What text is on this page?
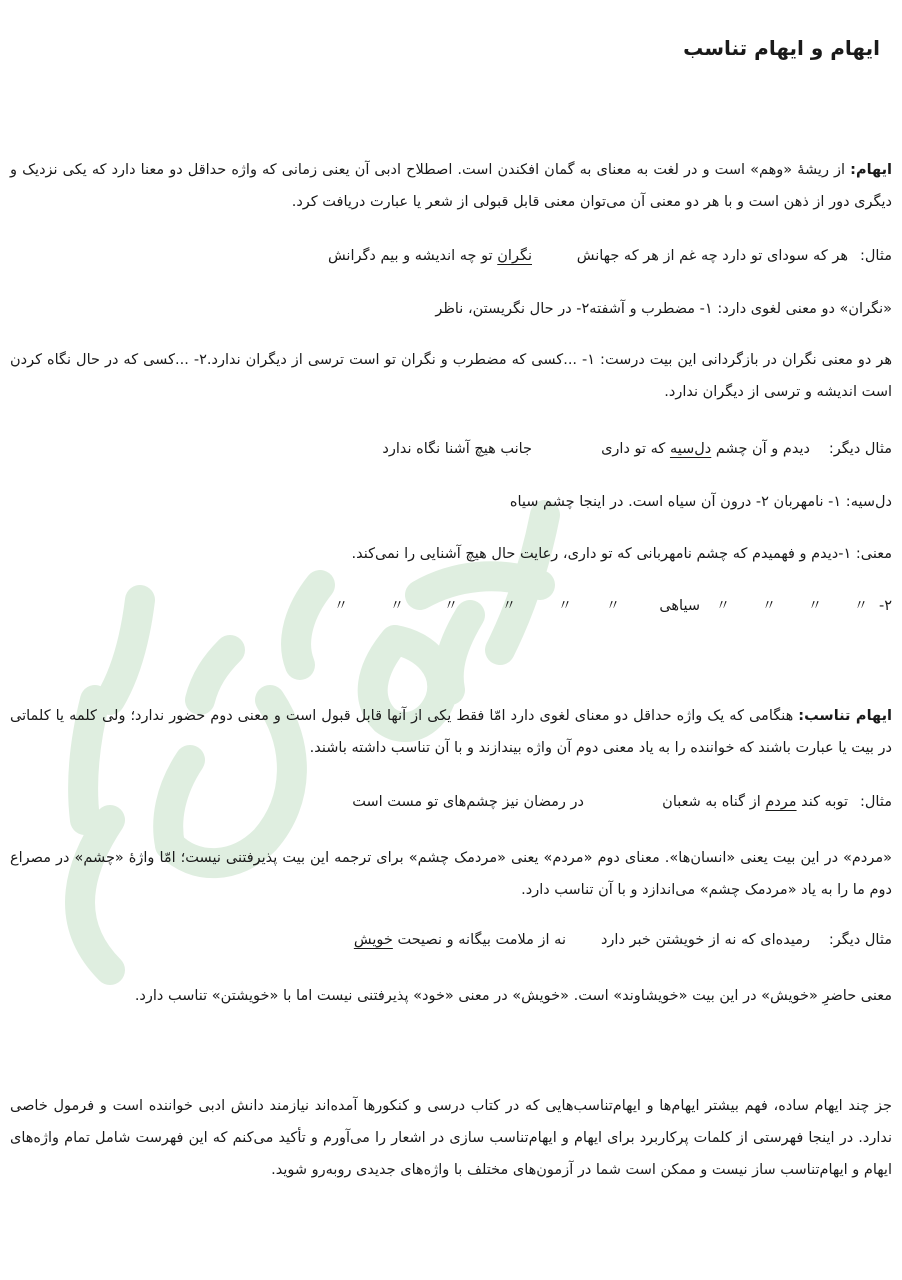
ایهام و ایهام تناسب
ایهام: از ریشهٔ «وهم» است و در لغت به معنای به گمان افکندن است. اصطلاح ادبی آن یعنی زمانی که واژه حداقل دو معنا دارد که یکی نزدیک و دیگری دور از ذهن است و با هر دو معنی آن می‌توان معنی قابل قبولی از شعر یا عبارت دریافت کرد.
مثال:
هر که سودای تو دارد چه غم از هر که جهانش
نگران تو چه اندیشه و بیم دگرانش
«نگران» دو معنی لغوی دارد: ۱- مضطرب و آشفته۲- در حال نگریستن، ناظر
هر دو معنی نگران در بازگردانی این بیت درست: ۱- ...کسی که مضطرب و نگران تو است ترسی از دیگران ندارد.۲- ...کسی که در حال نگاه کردن است اندیشه و ترسی از دیگران ندارد.
مثال دیگر:
دیدم و آن چشم دل‌سیه که تو داری
جانب هیچ آشنا نگاه ندارد
دل‌سیه: ۱- نامهربان ۲- درون آن سیاه است. در اینجا چشم سیاه
معنی: ۱-دیدم و فهمیدم که چشم نامهربانی که تو داری، رعایت حال هیچ آشنایی را نمی‌کند.
۲-
〃
〃
〃
〃
سیاهی
〃
〃
〃
〃
〃
〃
ایهام تناسب: هنگامی که یک واژه حداقل دو معنای لغوی دارد امّا فقط یکی از آنها قابل قبول است و معنی دوم حضور ندارد؛ ولی کلمه یا کلماتی در بیت یا عبارت باشند که خواننده را به یاد معنی دوم آن واژه بیندازند و با آن تناسب داشته باشند.
مثال:
توبه کند مردم از گناه به شعبان
در رمضان نیز چشم‌های تو مست است
«مردم» در این بیت یعنی «انسان‌ها». معنای دوم «مردم» یعنی «مردمک چشم» برای ترجمه این بیت پذیرفتنی نیست؛ امّا واژهٔ «چشم» در مصراع دوم ما را به یاد «مردمک چشم» می‌اندازد و با آن تناسب دارد.
مثال دیگر:
رمیده‌ای که نه از خویشتن خبر دارد
نه از ملامت بیگانه و نصیحت خویش
معنی حاضرِ «خویش» در این بیت «خویشاوند» است. «خویش» در معنی «خود» پذیرفتنی نیست اما با «خویشتن» تناسب دارد.
جز چند ایهام ساده، فهم بیشتر ایهام‌ها و ایهام‌تناسب‌هایی که در کتاب درسی و کنکورها آمده‌اند نیازمند دانش ادبی خواننده است و فرمول خاصی ندارد. در اینجا فهرستی از کلمات پرکاربرد برای ایهام و ایهام‌تناسب سازی در اشعار را می‌آورم و تأکید می‌کنم که این فهرست شامل تمام واژه‌های ایهام و ایهام‌تناسب ساز نیست و ممکن است شما در آزمون‌های مختلف با واژه‌های جدیدی روبه‌رو شوید.
